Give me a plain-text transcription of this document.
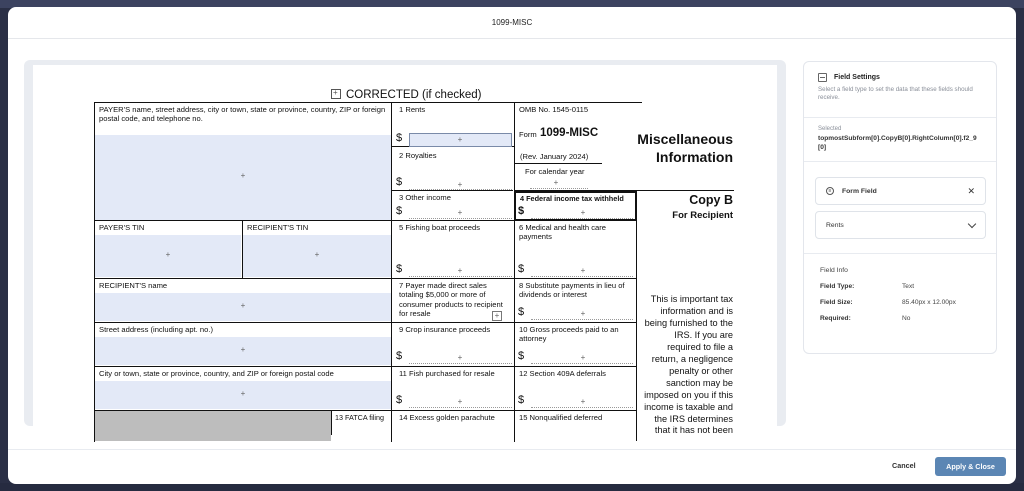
1099-MISC
+ CORRECTED (if checked)
PAYER'S name, street address, city or town, state or province, country, ZIP or foreign postal code, and telephone no.
+
PAYER'S TIN
+
RECIPIENT'S TIN
+
RECIPIENT'S name
+
Street address (including apt. no.)
+
City or town, state or province, country, and ZIP or foreign postal code
+
13 FATCA filing
1 Rents
$	+
2 Royalties
$	+
3 Other income
$	+
5 Fishing boat proceeds
$	+
7 Payer made direct sales totaling $5,000 or more of consumer products to recipient for resale	+
9 Crop insurance proceeds
$	+
11 Fish purchased for resale
$	+
14 Excess golden parachute
OMB No. 1545-0115
Form 1099-MISC
(Rev. January 2024)
For calendar year
+
4 Federal income tax withheld
$	+
6 Medical and health care payments
$	+
8 Substitute payments in lieu of dividends or interest
$	+
10 Gross proceeds paid to an attorney
$	+
12 Section 409A deferrals
$	+
15 Nonqualified deferred
Miscellaneous
Information
Copy B
For Recipient
This is important tax information and is being furnished to the IRS. If you are required to file a return, a negligence penalty or other sanction may be imposed on you if this income is taxable and the IRS determines that it has not been
Field Settings
Select a field type to set the data that these fields should receive.
Selected
topmostSubform[0].CopyB[0].RightColumn[0].f2_9[0]
≡	Form Field	✕
Rents
Field Info
Field Type:	Text
Field Size:	85.40px x 12.00px
Required:	No
Cancel	Apply & Close
